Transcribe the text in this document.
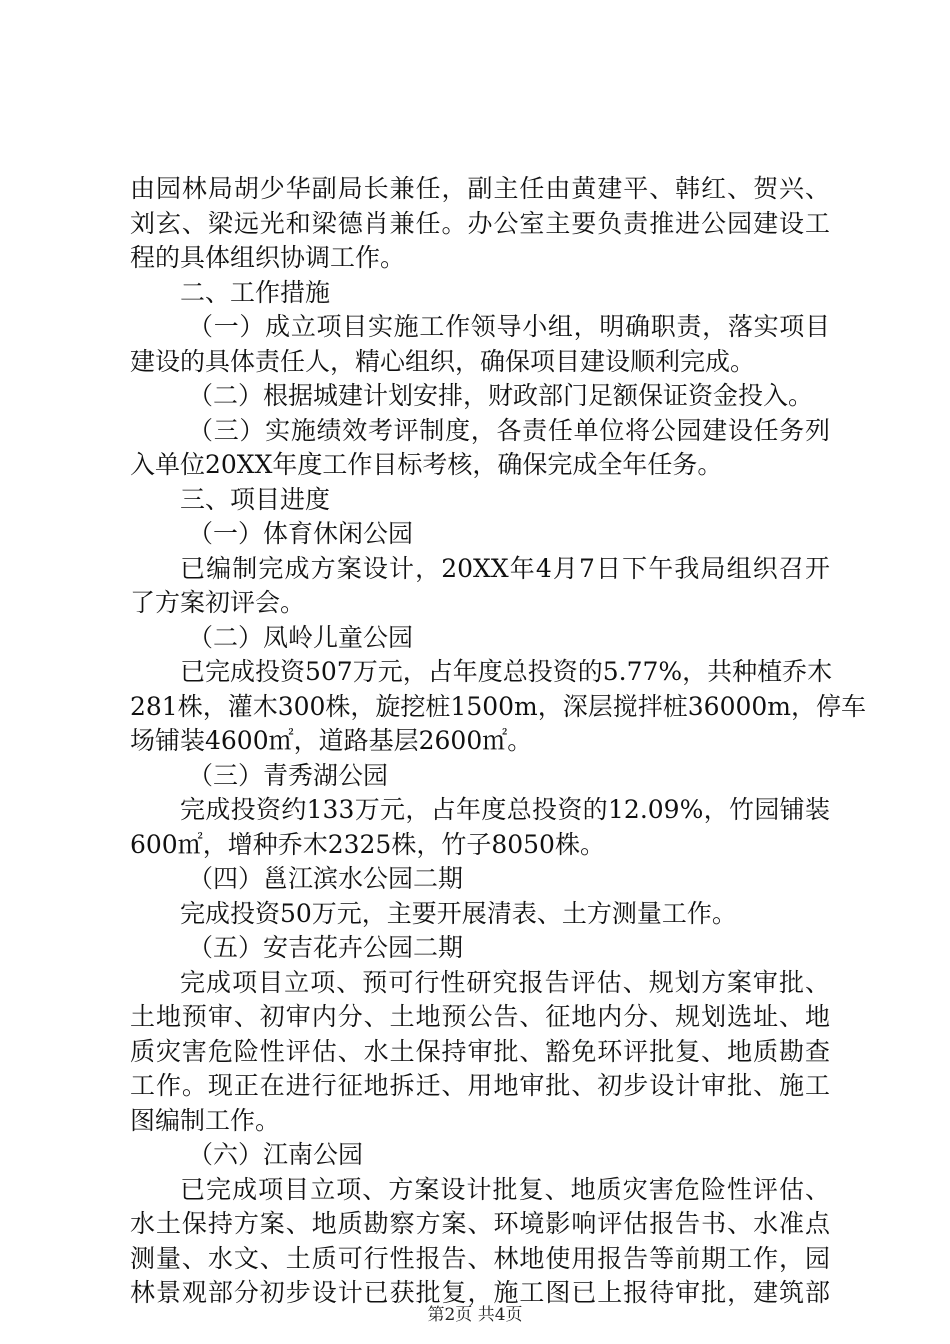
由园林局胡少华副局长兼任，副主任由黄建平、韩红、贺兴、
刘玄、梁远光和梁德肖兼任。办公室主要负责推进公园建设工
程的具体组织协调工作。
二、工作措施
（一）成立项目实施工作领导小组，明确职责，落实项目
建设的具体责任人，精心组织，确保项目建设顺利完成。
（二）根据城建计划安排，财政部门足额保证资金投入。
（三）实施绩效考评制度，各责任单位将公园建设任务列
入单位20XX年度工作目标考核，确保完成全年任务。
三、项目进度
（一）体育休闲公园
已编制完成方案设计，20XX年4月7日下午我局组织召开
了方案初评会。
（二）凤岭儿童公园
已完成投资507万元，占年度总投资的5.77%，共种植乔木
281株，灌木300株，旋挖桩1500m，深层搅拌桩36000m，停车
场铺装4600㎡，道路基层2600㎡。
（三）青秀湖公园
完成投资约133万元，占年度总投资的12.09%，竹园铺装
600㎡，增种乔木2325株，竹子8050株。
（四）邕江滨水公园二期
完成投资50万元，主要开展清表、土方测量工作。
（五）安吉花卉公园二期
完成项目立项、预可行性研究报告评估、规划方案审批、
土地预审、初审内分、土地预公告、征地内分、规划选址、地
质灾害危险性评估、水土保持审批、豁免环评批复、地质勘查
工作。现正在进行征地拆迁、用地审批、初步设计审批、施工
图编制工作。
（六）江南公园
已完成项目立项、方案设计批复、地质灾害危险性评估、
水土保持方案、地质勘察方案、环境影响评估报告书、水准点
测量、水文、土质可行性报告、林地使用报告等前期工作，园
林景观部分初步设计已获批复，施工图已上报待审批，建筑部
第2页 共4页
